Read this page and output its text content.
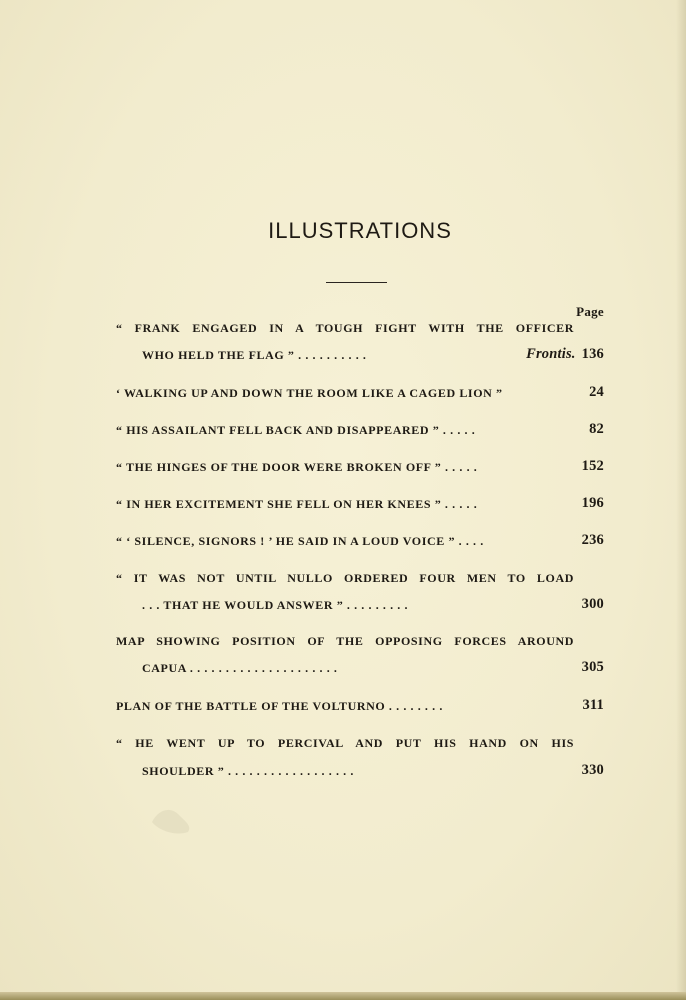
ILLUSTRATIONS
Page
“ FRANK ENGAGED IN A TOUGH FIGHT WITH THE OFFICER
WHO HELD THE FLAG ” . . . . . . . . . .	Frontis. 136
‘ WALKING UP AND DOWN THE ROOM LIKE A CAGED LION ”	24
“ HIS ASSAILANT FELL BACK AND DISAPPEARED ” . . . . .	82
“ THE HINGES OF THE DOOR WERE BROKEN OFF ” . . . . .	152
“ IN HER EXCITEMENT SHE FELL ON HER KNEES ” . . . . .	196
“ ‘ SILENCE, SIGNORS ! ’ HE SAID IN A LOUD VOICE ” . . . .	236
“ IT WAS NOT UNTIL NULLO ORDERED FOUR MEN TO LOAD
. . . THAT HE WOULD ANSWER ” . . . . . . . . .	300
MAP SHOWING POSITION OF THE OPPOSING FORCES AROUND
CAPUA . . . . . . . . . . . . . . . . . . . . .	305
PLAN OF THE BATTLE OF THE VOLTURNO . . . . . . . .	311
“ HE WENT UP TO PERCIVAL AND PUT HIS HAND ON HIS
SHOULDER ” . . . . . . . . . . . . . . . . . .	330
